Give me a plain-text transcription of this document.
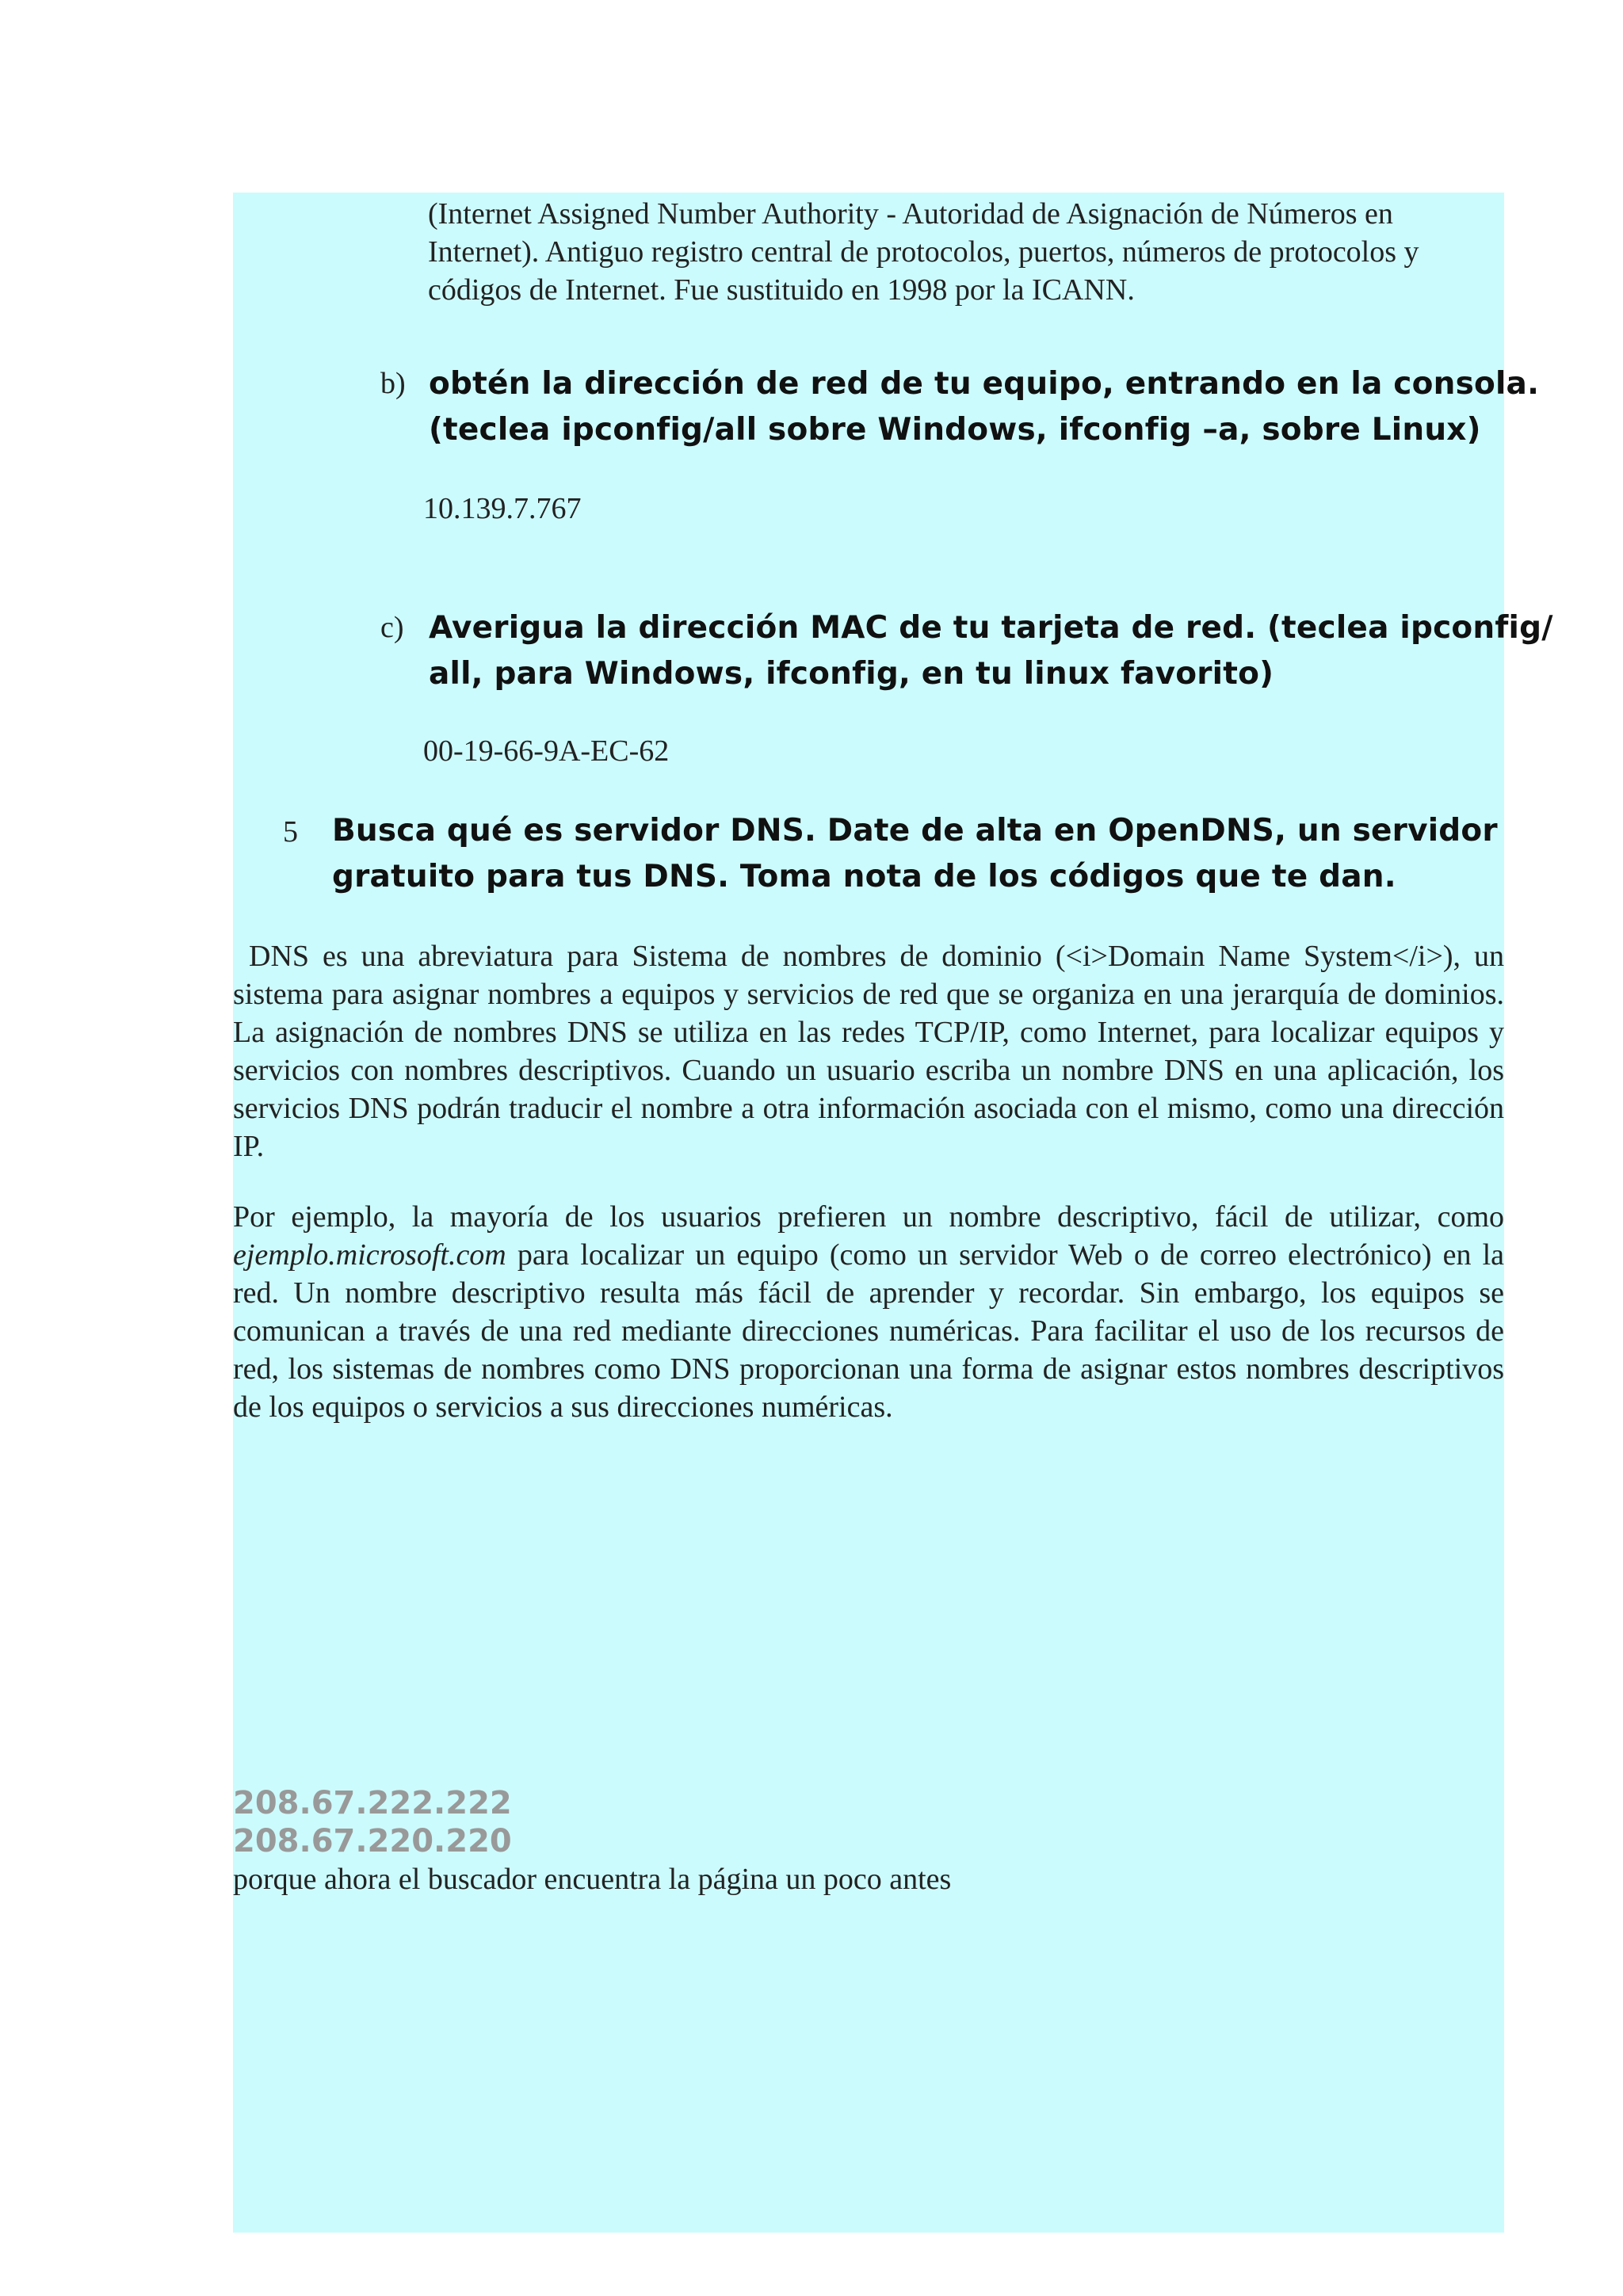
(Internet Assigned Number Authority - Autoridad de Asignación de Números en Internet). Antiguo registro central de protocolos, puertos, números de protocolos y códigos de Internet. Fue sustituido en 1998 por la ICANN.

b) obtén la dirección de red de tu equipo, entrando en la consola.
(teclea ipconfig/all sobre Windows, ifconfig –a, sobre Linux)
10.139.7.767
c) Averigua la dirección MAC de tu tarjeta de red. (teclea ipconfig/
all, para Windows, ifconfig, en tu linux favorito)
00-19-66-9A-EC-62
5 Busca qué es servidor DNS. Date de alta en OpenDNS, un servidor
gratuito para tus DNS. Toma nota de los códigos que te dan.

DNS es una abreviatura para Sistema de nombres de dominio (<i>Domain Name System</i>), un sistema para asignar nombres a equipos y servicios de red que se organiza en una jerarquía de dominios. La asignación de nombres DNS se utiliza en las redes TCP/IP, como Internet, para localizar equipos y servicios con nombres descriptivos. Cuando un usuario escriba un nombre DNS en una aplicación, los servicios DNS podrán traducir el nombre a otra información asociada con el mismo, como una dirección IP.

Por ejemplo, la mayoría de los usuarios prefieren un nombre descriptivo, fácil de utilizar, como ejemplo.microsoft.com para localizar un equipo (como un servidor Web o de correo electrónico) en la red. Un nombre descriptivo resulta más fácil de aprender y recordar. Sin embargo, los equipos se comunican a través de una red mediante direcciones numéricas. Para facilitar el uso de los recursos de red, los sistemas de nombres como DNS proporcionan una forma de asignar estos nombres descriptivos de los equipos o servicios a sus direcciones numéricas.

208.67.222.222
208.67.220.220
porque ahora el buscador encuentra la página un poco antes
